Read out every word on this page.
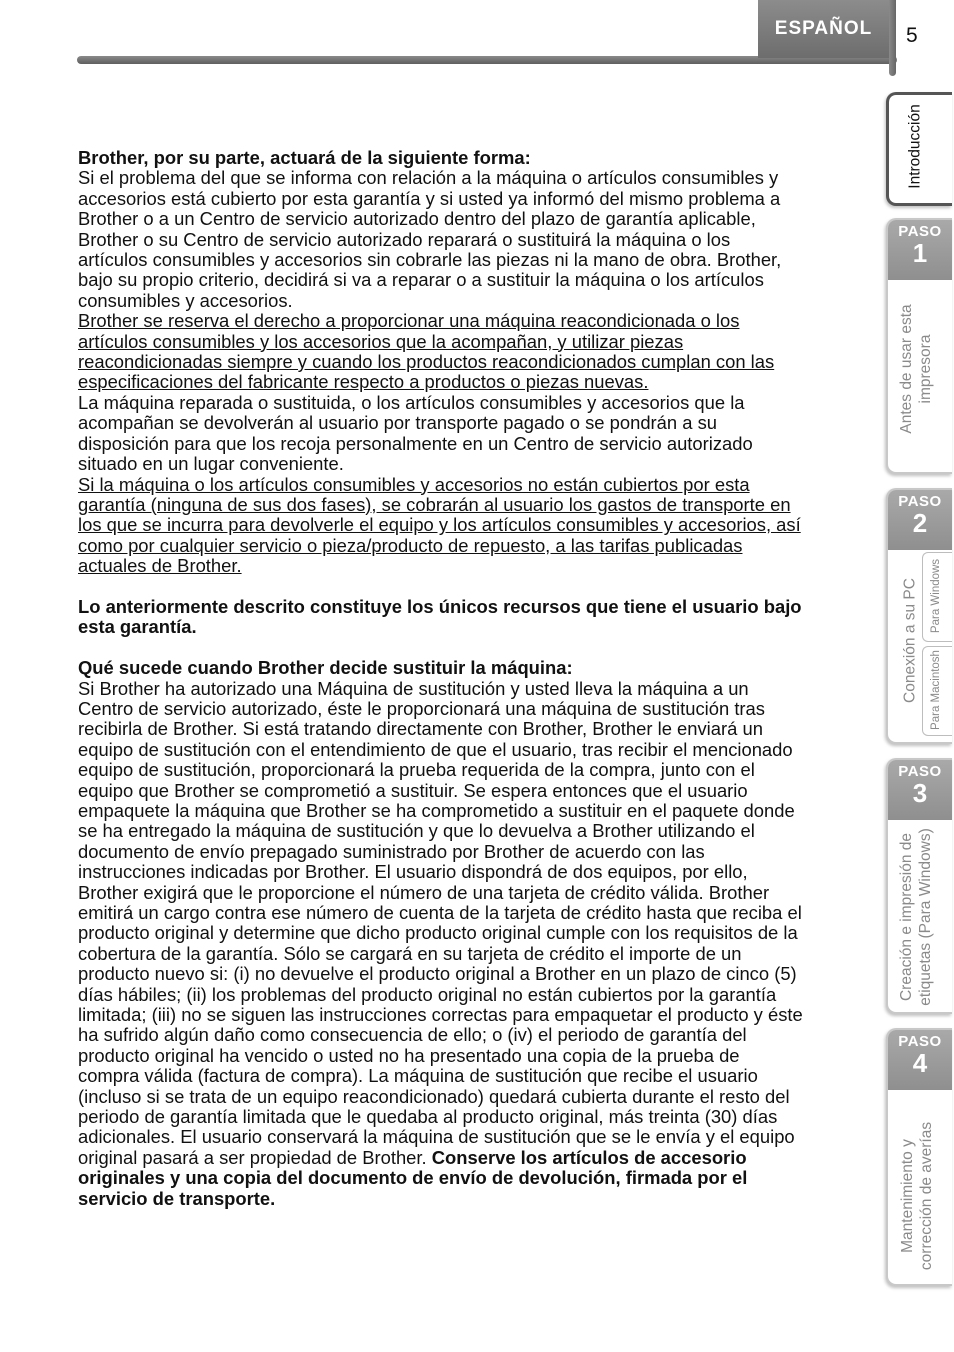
ESPAÑOL 5

Brother, por su parte, actuará de la siguiente forma:

Si el problema del que se informa con relación a la máquina o artículos consumibles y
accesorios está cubierto por esta garantía y si usted ya informó del mismo problema a
Brother o a un Centro de servicio autorizado dentro del plazo de garantía aplicable,
Brother o su Centro de servicio autorizado reparará o sustituirá la máquina o los
artículos consumibles y accesorios sin cobrarle las piezas ni la mano de obra. Brother,
bajo su propio criterio, decidirá si va a reparar o a sustituir la máquina o los artículos
consumibles y accesorios.
Brother se reserva el derecho a proporcionar una máquina reacondicionada o los
artículos consumibles y los accesorios que la acompañan, y utilizar piezas
reacondicionadas siempre y cuando los productos reacondicionados cumplan con las
especificaciones del fabricante respecto a productos o piezas nuevas.
La máquina reparada o sustituida, o los artículos consumibles y accesorios que la
acompañan se devolverán al usuario por transporte pagado o se pondrán a su
disposición para que los recoja personalmente en un Centro de servicio autorizado
situado en un lugar conveniente.
Si la máquina o los artículos consumibles y accesorios no están cubiertos por esta
garantía (ninguna de sus dos fases), se cobrarán al usuario los gastos de transporte en
los que se incurra para devolverle el equipo y los artículos consumibles y accesorios, así
como por cualquier servicio o pieza/producto de repuesto, a las tarifas publicadas
actuales de Brother.
Lo anteriormente descrito constituye los únicos recursos que tiene el usuario bajo
esta garantía.

Qué sucede cuando Brother decide sustituir la máquina:

Si Brother ha autorizado una Máquina de sustitución y usted lleva la máquina a un
Centro de servicio autorizado, éste le proporcionará una máquina de sustitución tras
recibirla de Brother. Si está tratando directamente con Brother, Brother le enviará un
equipo de sustitución con el entendimiento de que el usuario, tras recibir el mencionado
equipo de sustitución, proporcionará la prueba requerida de la compra, junto con el
equipo que Brother se comprometió a sustituir. Se espera entonces que el usuario
empaquete la máquina que Brother se ha comprometido a sustituir en el paquete donde
se ha entregado la máquina de sustitución y que lo devuelva a Brother utilizando el
documento de envío prepagado suministrado por Brother de acuerdo con las
instrucciones indicadas por Brother. El usuario dispondrá de dos equipos, por ello,
Brother exigirá que le proporcione el número de una tarjeta de crédito válida. Brother
emitirá un cargo contra ese número de cuenta de la tarjeta de crédito hasta que reciba el
producto original y determine que dicho producto original cumple con los requisitos de la
cobertura de la garantía. Sólo se cargará en su tarjeta de crédito el importe de un
producto nuevo si: (i) no devuelve el producto original a Brother en un plazo de cinco (5)
días hábiles; (ii) los problemas del producto original no están cubiertos por la garantía
limitada; (iii) no se siguen las instrucciones correctas para empaquetar el producto y éste
ha sufrido algún daño como consecuencia de ello; o (iv) el periodo de garantía del
producto original ha vencido o usted no ha presentado una copia de la prueba de
compra válida (factura de compra). La máquina de sustitución que recibe el usuario
(incluso si se trata de un equipo reacondicionado) quedará cubierta durante el resto del
periodo de garantía limitada que le quedaba al producto original, más treinta (30) días
adicionales. El usuario conservará la máquina de sustitución que se le envía y el equipo

original pasará a ser propiedad de Brother. Conserve los artículos de accesorio

originales y una copia del documento de envío de devolución, firmada por el
servicio de transporte.
Introducción
PASO
1
Antes de usar esta impresora
PASO
2
Conexión a su PC Para Windows
Para Macintosh
PASO
3
Creación e impresión de etiquetas (Para Windows)
PASO
4
Mantenimiento y corrección de averías
